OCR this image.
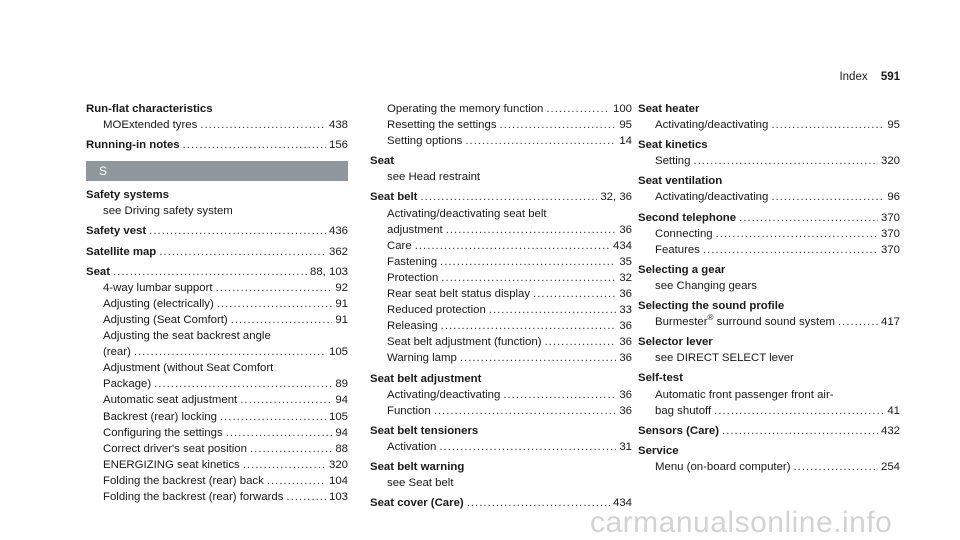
Index 591
Run-flat characteristics
MOExtended tyres .....	438
Running-in notes .....	156
S
Safety systems
see Driving safety system
Safety vest .....	436
Satellite map .....	362
Seat .....	88, 103
4-way lumbar support .....	92
Adjusting (electrically) .....	91
Adjusting (Seat Comfort) .....	91
Adjusting the seat backrest angle
(rear) .....	105
Adjustment (without Seat Comfort
Package) .....	89
Automatic seat adjustment .....	94
Backrest (rear) locking .....	105
Configuring the settings .....	94
Correct driver's seat position .....	88
ENERGIZING seat kinetics .....	320
Folding the backrest (rear) back .....	104
Folding the backrest (rear) forwards .....	103
Operating the memory function .....	100
Resetting the settings .....	95
Setting options .....	14
Seat
see Head restraint
Seat belt .....	32, 36
Activating/deactivating seat belt
adjustment .....	36
Care .....	434
Fastening .....	35
Protection .....	32
Rear seat belt status display .....	36
Reduced protection .....	33
Releasing .....	36
Seat belt adjustment (function) .....	36
Warning lamp .....	36
Seat belt adjustment
Activating/deactivating .....	36
Function .....	36
Seat belt tensioners
Activation .....	31
Seat belt warning
see Seat belt
Seat cover (Care) .....	434
Seat heater
Activating/deactivating .....	95
Seat kinetics
Setting .....	320
Seat ventilation
Activating/deactivating .....	96
Second telephone .....	370
Connecting .....	370
Features .....	370
Selecting a gear
see Changing gears
Selecting the sound profile
Burmester® surround sound system .....	417
Selector lever
see DIRECT SELECT lever
Self-test
Automatic front passenger front air-
bag shutoff .....	41
Sensors (Care) .....	432
Service
Menu (on-board computer) .....	254
carmanualsonline.info
